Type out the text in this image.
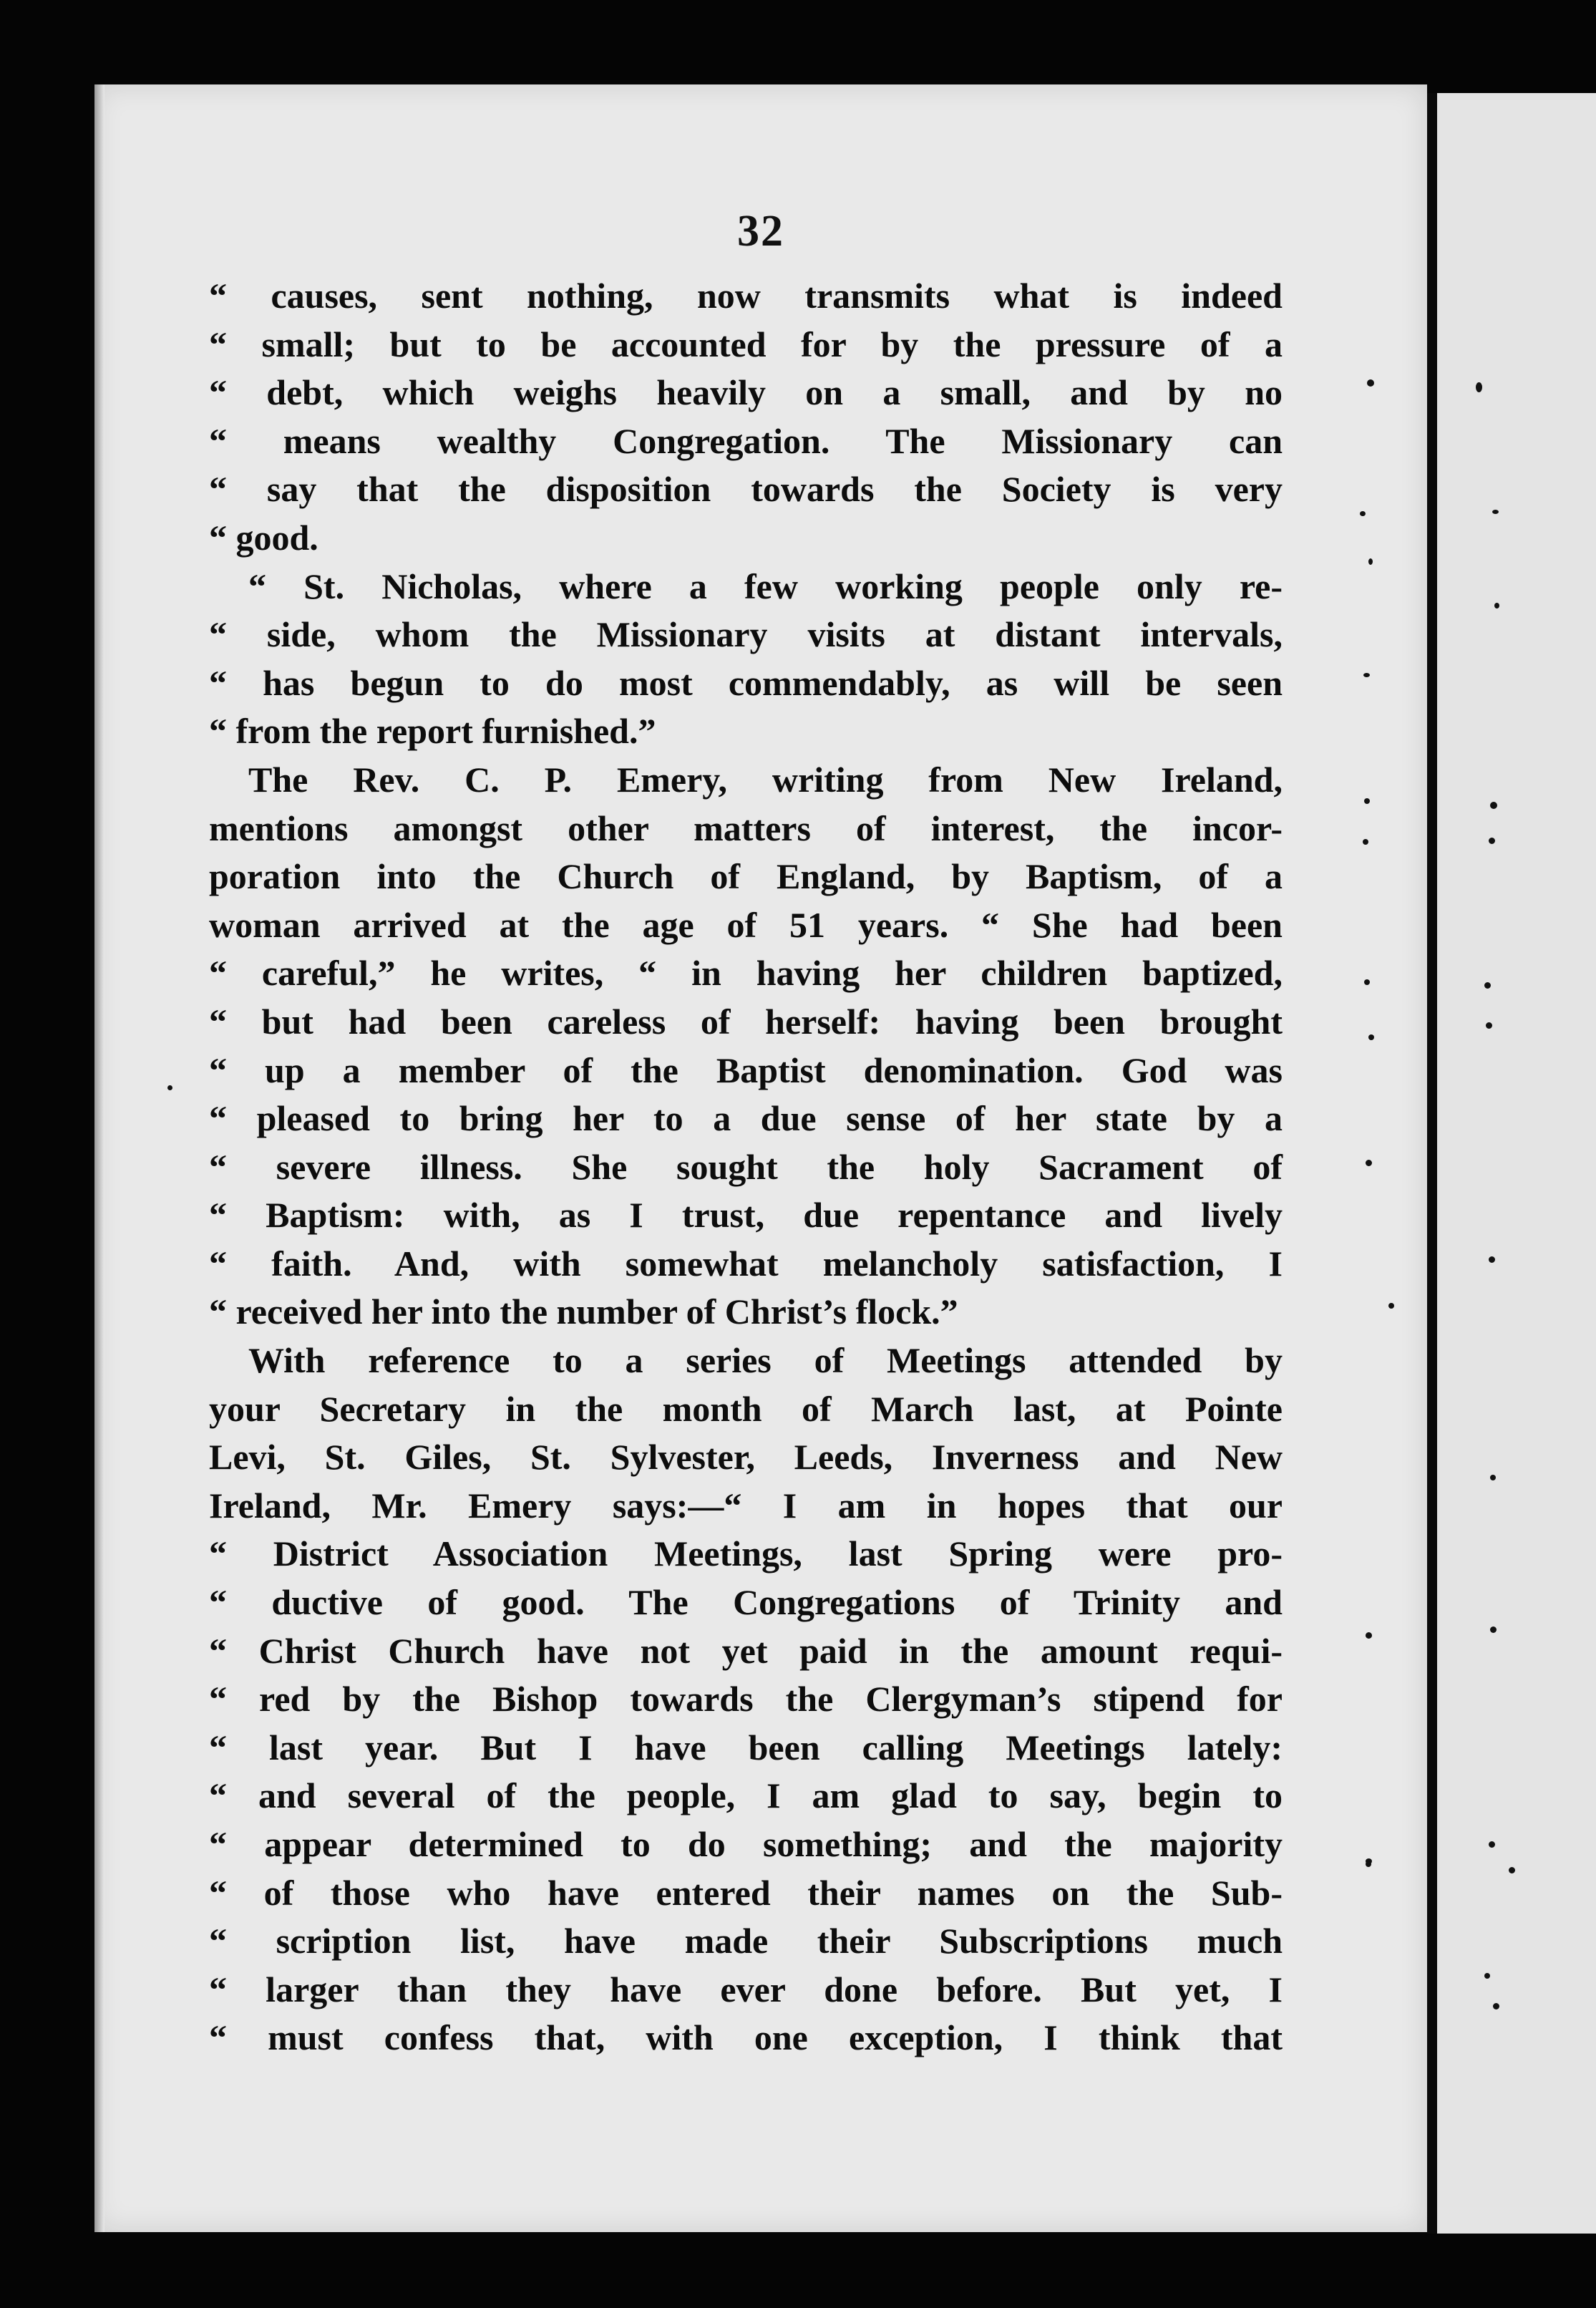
32
“ causes, sent nothing, now transmits what is indeed
“ small; but to be accounted for by the pressure of a
“ debt, which weighs heavily on a small, and by no
“ means wealthy Congregation. The Missionary can
“ say that the disposition towards the Society is very
“ good.
“ St. Nicholas, where a few working people only re-
“ side, whom the Missionary visits at distant intervals,
“ has begun to do most commendably, as will be seen
“ from the report furnished.”
The Rev. C. P. Emery, writing from New Ireland,
mentions amongst other matters of interest, the incor-
poration into the Church of England, by Baptism, of a
woman arrived at the age of 51 years. “ She had been
“ careful,” he writes, “ in having her children baptized,
“ but had been careless of herself: having been brought
“ up a member of the Baptist denomination. God was
“ pleased to bring her to a due sense of her state by a
“ severe illness. She sought the holy Sacrament of
“ Baptism: with, as I trust, due repentance and lively
“ faith. And, with somewhat melancholy satisfaction, I
“ received her into the number of Christ’s flock.”
With reference to a series of Meetings attended by
your Secretary in the month of March last, at Pointe
Levi, St. Giles, St. Sylvester, Leeds, Inverness and New
Ireland, Mr. Emery says:—“ I am in hopes that our
“ District Association Meetings, last Spring were pro-
“ ductive of good. The Congregations of Trinity and
“ Christ Church have not yet paid in the amount requi-
“ red by the Bishop towards the Clergyman’s stipend for
“ last year. But I have been calling Meetings lately:
“ and several of the people, I am glad to say, begin to
“ appear determined to do something; and the majority
“ of those who have entered their names on the Sub-
“ scription list, have made their Subscriptions much
“ larger than they have ever done before. But yet, I
“ must confess that, with one exception, I think that
